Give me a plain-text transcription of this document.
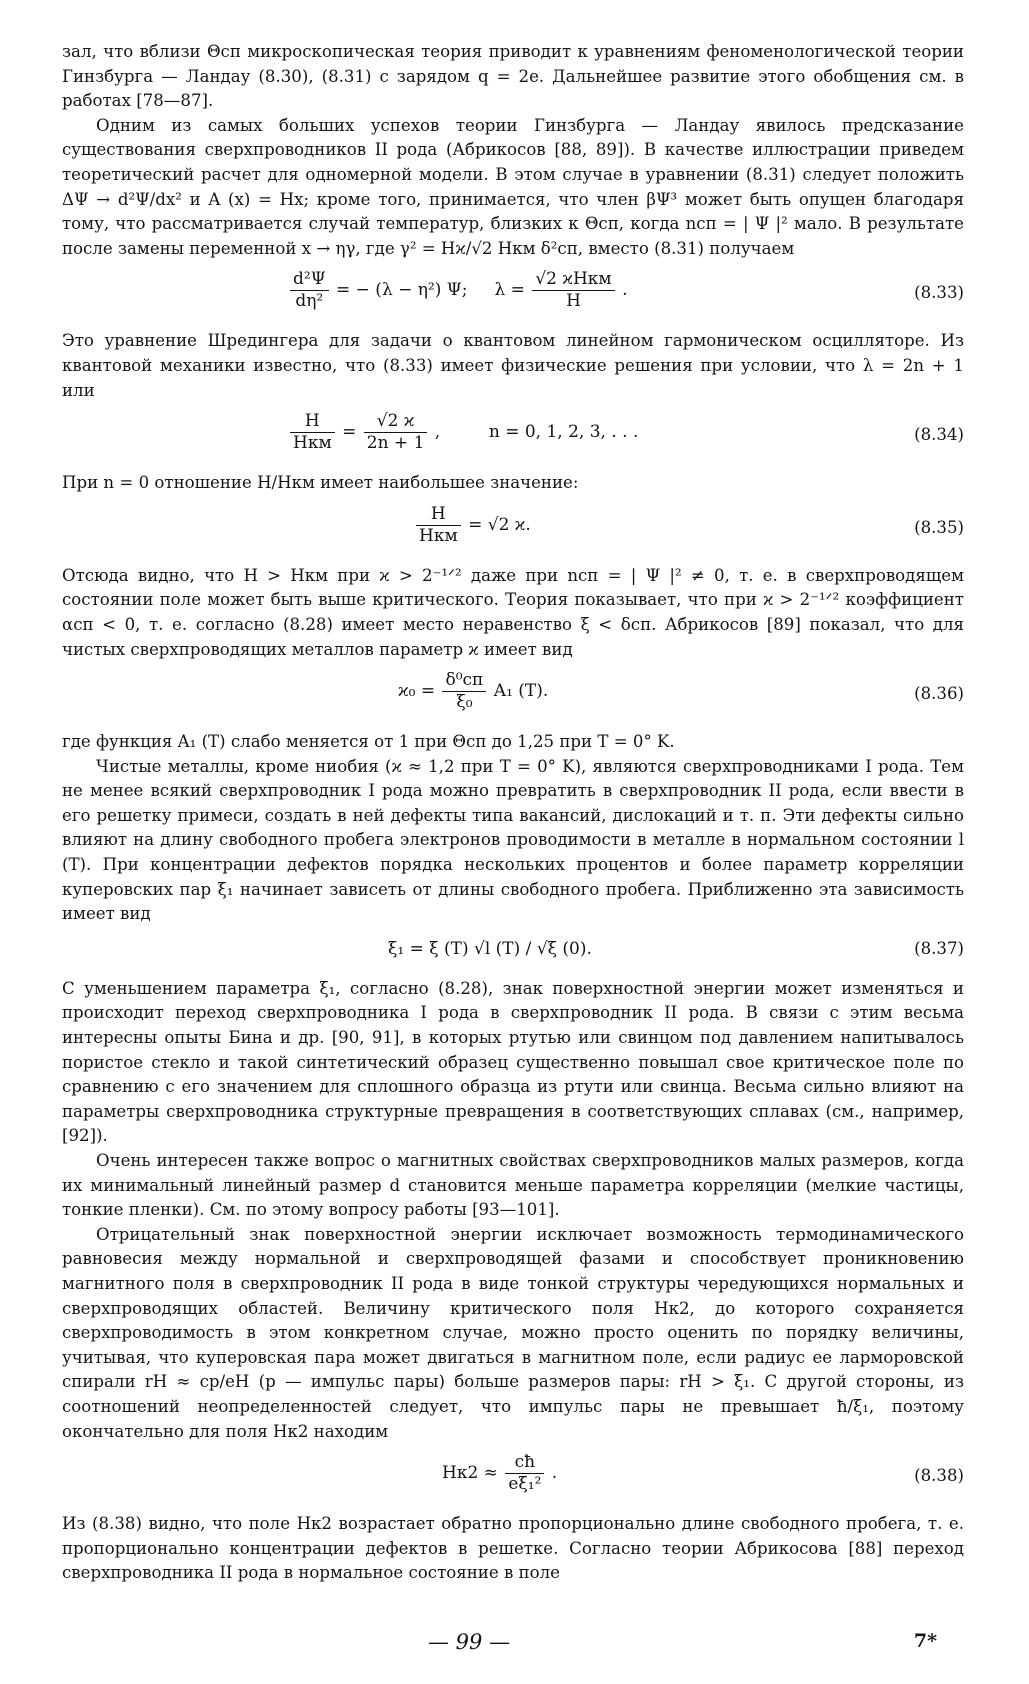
зал, что вблизи Θсп микроскопическая теория приводит к уравнениям феноменологической теории Гинзбурга — Ландау (8.30), (8.31) с зарядом q = 2e. Дальнейшее развитие этого обобщения см. в работах [78—87].

Одним из самых больших успехов теории Гинзбурга — Ландау явилось предсказание существования сверхпроводников II рода (Абрикосов [88, 89]). В качестве иллюстрации приведем теоретический расчет для одномерной модели. В этом случае в уравнении (8.31) следует положить ΔΨ → d²Ψ/dx² и A (x) = Hx; кроме того, принимается, что член βΨ³ может быть опущен благодаря тому, что рассматривается случай температур, близких к Θсп, когда nсп = | Ψ |² мало. В результате после замены переменной x → ηγ, где γ² = Hϰ/√2 Hкм δ²сп, вместо (8.31) получаем

$\frac{\text{d²Ψ}}{\text{dη²}}$ = − (λ − η²) Ψ; $\lambda = \frac{\text{√2 ϰHкм}}{H}$ .	(8.33)

Это уравнение Шредингера для задачи о квантовом линейном гармоническом осцилляторе. Из квантовой механики известно, что (8.33) имеет физические решения при условии, что λ = 2n + 1 или

$\frac{H}{\text{Hкм}} = \frac{√2 ϰ}{2n + 1}$ ,	n = 0, 1, 2, 3, . . .	(8.34)

При n = 0 отношение H/Hкм имеет наибольшее значение:

$\frac{H}{\text{Hкм}} = √2$ ϰ.	(8.35)

Отсюда видно, что H > Hкм при ϰ > 2⁻¹ᐟ² даже при nсп = | Ψ |² ≠ 0, т. е. в сверхпроводящем состоянии поле может быть выше критического. Теория показывает, что при ϰ > 2⁻¹ᐟ² коэффициент αсп < 0, т. е. согласно (8.28) имеет место неравенство ξ < δсп. Абрикосов [89] показал, что для чистых сверхпроводящих металлов параметр ϰ имеет вид

$ϰ_0 = \frac{\text{δ⁰сп}}{\text{ξ₀}} A_1$ (T).	(8.36)

где функция A₁ (T) слабо меняется от 1 при Θсп до 1,25 при T = 0° K.

Чистые металлы, кроме ниобия (ϰ ≈ 1,2 при T = 0° K), являются сверхпроводниками I рода. Тем не менее всякий сверхпроводник I рода можно превратить в сверхпроводник II рода, если ввести в его решетку примеси, создать в ней дефекты типа вакансий, дислокаций и т. п. Эти дефекты сильно влияют на длину свободного пробега электронов проводимости в металле в нормальном состоянии l (T). При концентрации дефектов порядка нескольких процентов и более параметр корреляции куперовских пар ξ₁ начинает зависеть от длины свободного пробега. Приближенно эта зависимость имеет вид

ξ₁ = ξ (T) √l (T) / √ξ (0).	(8.37)

С уменьшением параметра ξ₁, согласно (8.28), знак поверхностной энергии может изменяться и происходит переход сверхпроводника I рода в сверхпроводник II рода. В связи с этим весьма интересны опыты Бина и др. [90, 91], в которых ртутью или свинцом под давлением напитывалось пористое стекло и такой синтетический образец существенно повышал свое критическое поле по сравнению с его значением для сплошного образца из ртути или свинца. Весьма сильно влияют на параметры сверхпроводника структурные превращения в соответствующих сплавах (см., например, [92]).

Очень интересен также вопрос о магнитных свойствах сверхпроводников малых размеров, когда их минимальный линейный размер d становится меньше параметра корреляции (мелкие частицы, тонкие пленки). См. по этому вопросу работы [93—101].

Отрицательный знак поверхностной энергии исключает возможность термодинамического равновесия между нормальной и сверхпроводящей фазами и способствует проникновению магнитного поля в сверхпроводник II рода в виде тонкой структуры чередующихся нормальных и сверхпроводящих областей. Величину критического поля Hк2, до которого сохраняется сверхпроводимость в этом конкретном случае, можно просто оценить по порядку величины, учитывая, что куперовская пара может двигаться в магнитном поле, если радиус ее ларморовской спирали rH ≈ cp/eH (p — импульс пары) больше размеров пары: rH > ξ₁. С другой стороны, из соотношений неопределенностей следует, что импульс пары не превышает ħ/ξ₁, поэтому окончательно для поля Hк2 находим

$Hк2 \approx \frac{cħ}{\text{eξ₁²}}$ .	(8.38)

Из (8.38) видно, что поле Hк2 возрастает обратно пропорционально длине свободного пробега, т. е. пропорционально концентрации дефектов в решетке. Согласно теории Абрикосова [88] переход сверхпроводника II рода в нормальное состояние в поле

— 99 —	7*
